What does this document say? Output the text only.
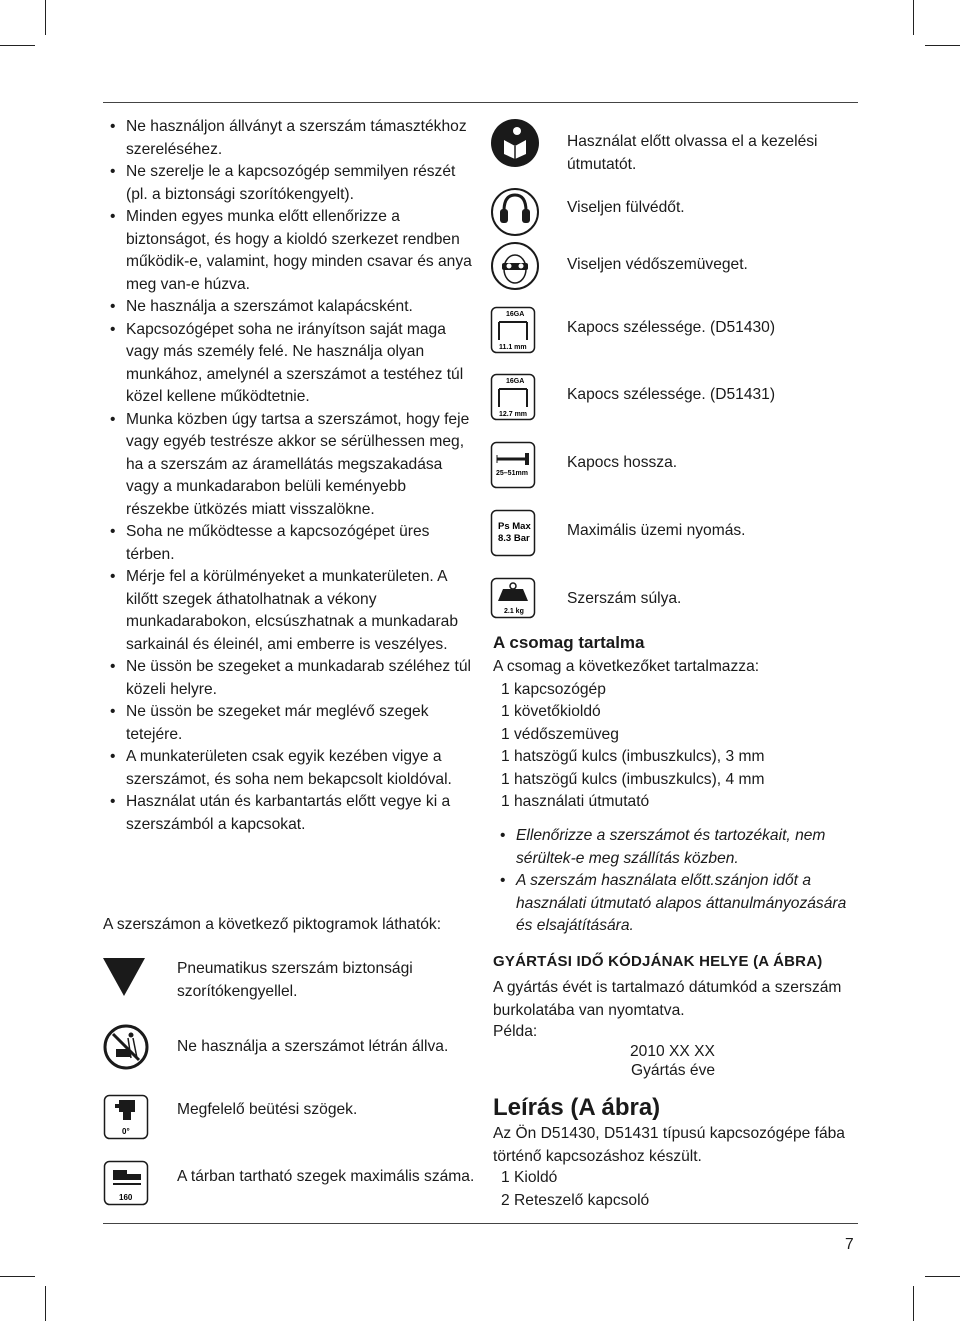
• Ne használjon állványt a szerszám támasztékhoz szereléséhez.
• Ne szerelje le a kapcsozógép semmilyen részét (pl. a biztonsági szorítókengyelt).
• Minden egyes munka előtt ellenőrizze a biztonságot, és hogy a kioldó szerkezet rendben működik-e, valamint, hogy minden csavar és anya meg van-e húzva.
• Ne használja a szerszámot kalapácsként.
• Kapcsozógépet soha ne irányítson saját maga vagy más személy felé. Ne használja olyan munkához, amelynél a szerszámot a testéhez túl közel kellene működtetnie.
• Munka közben úgy tartsa a szerszámot, hogy feje vagy egyéb testrésze akkor se sérülhessen meg, ha a szerszám az áramellátás megszakadása vagy a munkadarabon belüli keményebb részekbe ütközés miatt visszalökne.
• Soha ne működtesse a kapcsozógépet üres térben.
• Mérje fel a körülményeket a munkaterületen. A kilőtt szegek áthatolhatnak a vékony munkadarabokon, elcsúszhatnak a munkadarab sarkainál és éleinél, ami emberre is veszélyes.
• Ne üssön be szegeket a munkadarab széléhez túl közeli helyre.
• Ne üssön be szegeket már meglévő szegek tetejére.
• A munkaterületen csak egyik kezében vigye a szerszámot, és soha nem bekapcsolt kioldóval.
• Használat után és karbantartás előtt vegye ki a szerszámból a kapcsokat.
A szerszámon a következő piktogramok láthatók:
Pneumatikus szerszám biztonsági szorítókengyellel.
Ne használja a szerszámot létrán állva.
0°
Megfelelő beütési szögek.
160
A tárban tartható szegek maximális száma.
Használat előtt olvassa el a kezelési útmutatót.
Viseljen fülvédőt.
Viseljen védőszemüveget.
16GA
11.1 mm
Kapocs szélessége. (D51430)
16GA
12.7 mm
Kapocs szélessége. (D51431)
25–51mm
Kapocs hossza.
Ps Max
8.3 Bar Maximális üzemi nyomás.
2.1 kg
Szerszám súlya.
A csomag tartalma
A csomag a következőket tartalmazza:
1 kapcsozógép
1 követőkioldó
1 védőszemüveg
1 hatszögű kulcs (imbuszkulcs), 3 mm
1 hatszögű kulcs (imbuszkulcs), 4 mm
1 használati útmutató
• Ellenőrizze a szerszámot és tartozékait, nem sérültek-e meg szállítás közben.
• A szerszám használata előtt.szánjon időt a használati útmutató alapos áttanulmányozására és elsajátítására.
GYÁRTÁSI IDŐ KÓDJÁNAK HELYE (A ÁBRA)
A gyártás évét is tartalmazó dátumkód a szerszám burkolatába van nyomtatva.
Példa:
2010 XX XX
Gyártás éve
Leírás (A ábra)
Az Ön D51430, D51431 típusú kapcsozógépe fába történő kapcsozáshoz készült.
1 Kioldó
2 Reteszelő kapcsoló
7
